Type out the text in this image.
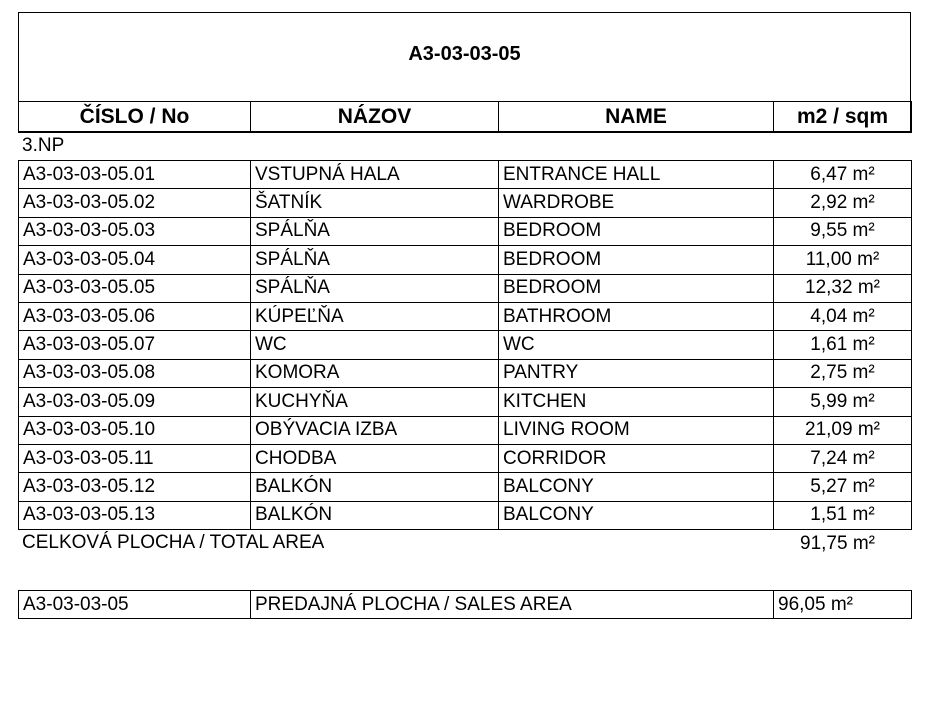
A3-03-03-05
ČÍSLO / No	NÁZOV	NAME	m2 / sqm
3.NP
A3-03-03-05.01	VSTUPNÁ HALA	ENTRANCE HALL	6,47 m²
A3-03-03-05.02	ŠATNÍK	WARDROBE	2,92 m²
A3-03-03-05.03	SPÁLŇA	BEDROOM	9,55 m²
A3-03-03-05.04	SPÁLŇA	BEDROOM	11,00 m²
A3-03-03-05.05	SPÁLŇA	BEDROOM	12,32 m²
A3-03-03-05.06	KÚPEĽŇA	BATHROOM	4,04 m²
A3-03-03-05.07	WC	WC	1,61 m²
A3-03-03-05.08	KOMORA	PANTRY	2,75 m²
A3-03-03-05.09	KUCHYŇA	KITCHEN	5,99 m²
A3-03-03-05.10	OBÝVACIA IZBA	LIVING ROOM	21,09 m²
A3-03-03-05.11	CHODBA	CORRIDOR	7,24 m²
A3-03-03-05.12	BALKÓN	BALCONY	5,27 m²
A3-03-03-05.13	BALKÓN	BALCONY	1,51 m²
CELKOVÁ PLOCHA / TOTAL AREA	91,75 m²
A3-03-03-05	PREDAJNÁ PLOCHA / SALES AREA	96,05 m²
